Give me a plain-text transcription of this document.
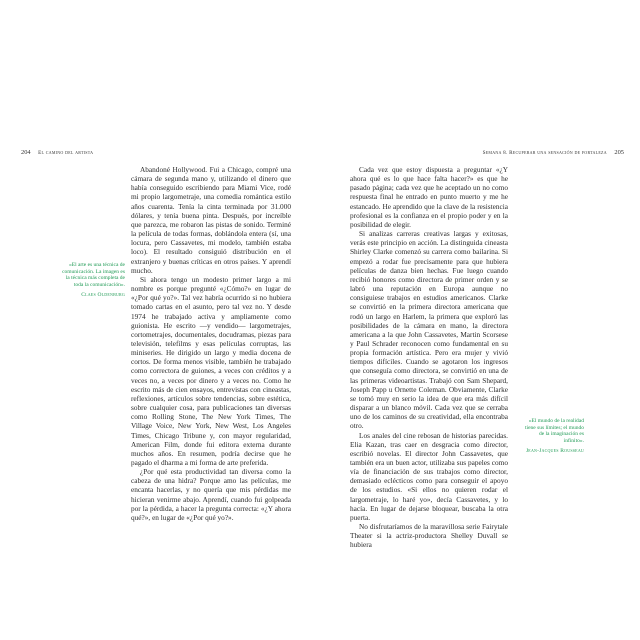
204 El camino del artista
«El arte es una técnica de comunicación. La imagen es la técnica más completa de toda la comunicación».
Claes Oldenburg

Abandoné Hollywood. Fui a Chicago, compré una cámara de segunda mano y, utilizando el dinero que había conseguido escribiendo para Miami Vice, rodé mi propio largometraje, una comedia romántica estilo años cuarenta. Tenía la cinta terminada por 31.000 dólares, y tenía buena pinta. Después, por increíble que parezca, me robaron las pistas de sonido. Terminé la película de todas formas, doblándola entera (sí, una locura, pero Cassavetes, mi modelo, también estaba loco). El resultado consiguió distribución en el extranjero y buenas críticas en otros países. Y aprendí mucho.

Si ahora tengo un modesto primer largo a mi nombre es porque pregunté «¿Cómo?» en lugar de «¿Por qué yo?». Tal vez habría ocurrido si no hubiera tomado cartas en el asunto, pero tal vez no. Y desde 1974 he trabajado activa y ampliamente como guionista. He escrito —y vendido— largometrajes, cortometrajes, documentales, docudramas, piezas para televisión, telefilms y esas películas corruptas, las miniseries. He dirigido un largo y media docena de cortos. De forma menos visible, también he trabajado como correctora de guiones, a veces con créditos y a veces no, a veces por dinero y a veces no. Como he escrito más de cien ensayos, entrevistas con cineastas, reflexiones, artículos sobre tendencias, sobre estética, sobre cualquier cosa, para publicaciones tan diversas como Rolling Stone, The New York Times, The Village Voice, New York, New West, Los Angeles Times, Chicago Tribune y, con mayor regularidad, American Film, donde fui editora externa durante muchos años. En resumen, podría decirse que he pagado el dharma a mi forma de arte preferida.

¿Por qué esta productividad tan diversa como la cabeza de una hidra? Porque amo las películas, me encanta hacerlas, y no quería que mis pérdidas me hicieran venirme abajo. Aprendí, cuando fui golpeada por la pérdida, a hacer la pregunta correcta: «¿Y ahora qué?», en lugar de «¿Por qué yo?».

Semana 8. Recuperar una sensación de fortaleza 205

Cada vez que estoy dispuesta a preguntar «¿Y ahora qué es lo que hace falta hacer?» es que he pasado página; cada vez que he aceptado un no como respuesta final he entrado en punto muerto y me he estancado. He aprendido que la clave de la resistencia profesional es la confianza en el propio poder y en la posibilidad de elegir.

Si analizas carreras creativas largas y exitosas, verás este principio en acción. La distinguida cineasta Shirley Clarke comenzó su carrera como bailarina. Si empezó a rodar fue precisamente para que hubiera películas de danza bien hechas. Fue luego cuando recibió honores como directora de primer orden y se labró una reputación en Europa aunque no consiguiese trabajos en estudios americanos. Clarke se convirtió en la primera directora americana que rodó un largo en Harlem, la primera que exploró las posibilidades de la cámara en mano, la directora americana a la que John Cassavetes, Martin Scorsese y Paul Schrader reconocen como fundamental en su propia formación artística. Pero era mujer y vivió tiempos difíciles. Cuando se agotaron los ingresos que conseguía como directora, se convirtió en una de las primeras videoartistas. Trabajó con Sam Shepard, Joseph Papp u Ornette Coleman. Obviamente, Clarke se tomó muy en serio la idea de que era más difícil disparar a un blanco móvil. Cada vez que se cerraba uno de los caminos de su creatividad, ella encontraba otro.

Los anales del cine rebosan de historias parecidas. Elia Kazan, tras caer en desgracia como director, escribió novelas. El director John Cassavetes, que también era un buen actor, utilizaba sus papeles como vía de financiación de sus trabajos como director, demasiado eclécticos como para conseguir el apoyo de los estudios. «Si ellos no quieren rodar el largometraje, lo haré yo», decía Cassavetes, y lo hacía. En lugar de dejarse bloquear, buscaba la otra puerta.

No disfrutaríamos de la maravillosa serie Fairytale Theater si la actriz-productora Shelley Duvall se hubiera

«El mundo de la realidad tiene sus límites; el mundo de la imaginación es infinito».
Jean-Jacques Rousseau
